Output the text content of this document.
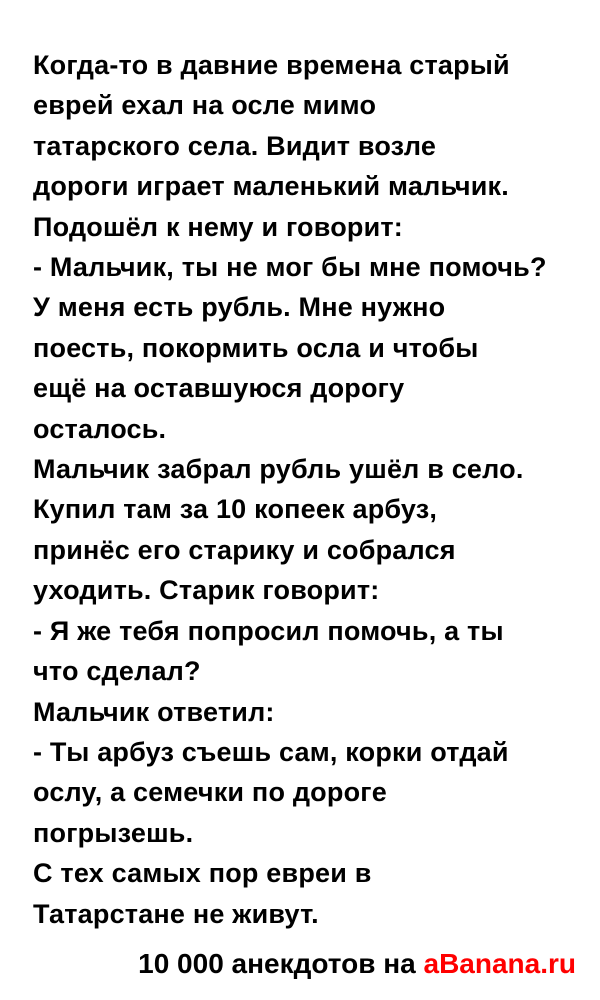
Когда-то в давние времена старый
еврей ехал на осле мимо
татарского села. Видит возле
дороги играет маленький мальчик.
Подошёл к нему и говорит:
- Мальчик, ты не мог бы мне помочь?
У меня есть рубль. Мне нужно
поесть, покормить осла и чтобы
ещё на оставшуюся дорогу
осталось.
Мальчик забрал рубль ушёл в село.
Купил там за 10 копеек арбуз,
принёс его старику и собрался
уходить. Старик говорит:
- Я же тебя попросил помочь, а ты
что сделал?
Мальчик ответил:
- Ты арбуз съешь сам, корки отдай
ослу, а семечки по дороге
погрызешь.
С тех самых пор евреи в
Татарстане не живут.
10 000 анекдотов на aBanana.ru
